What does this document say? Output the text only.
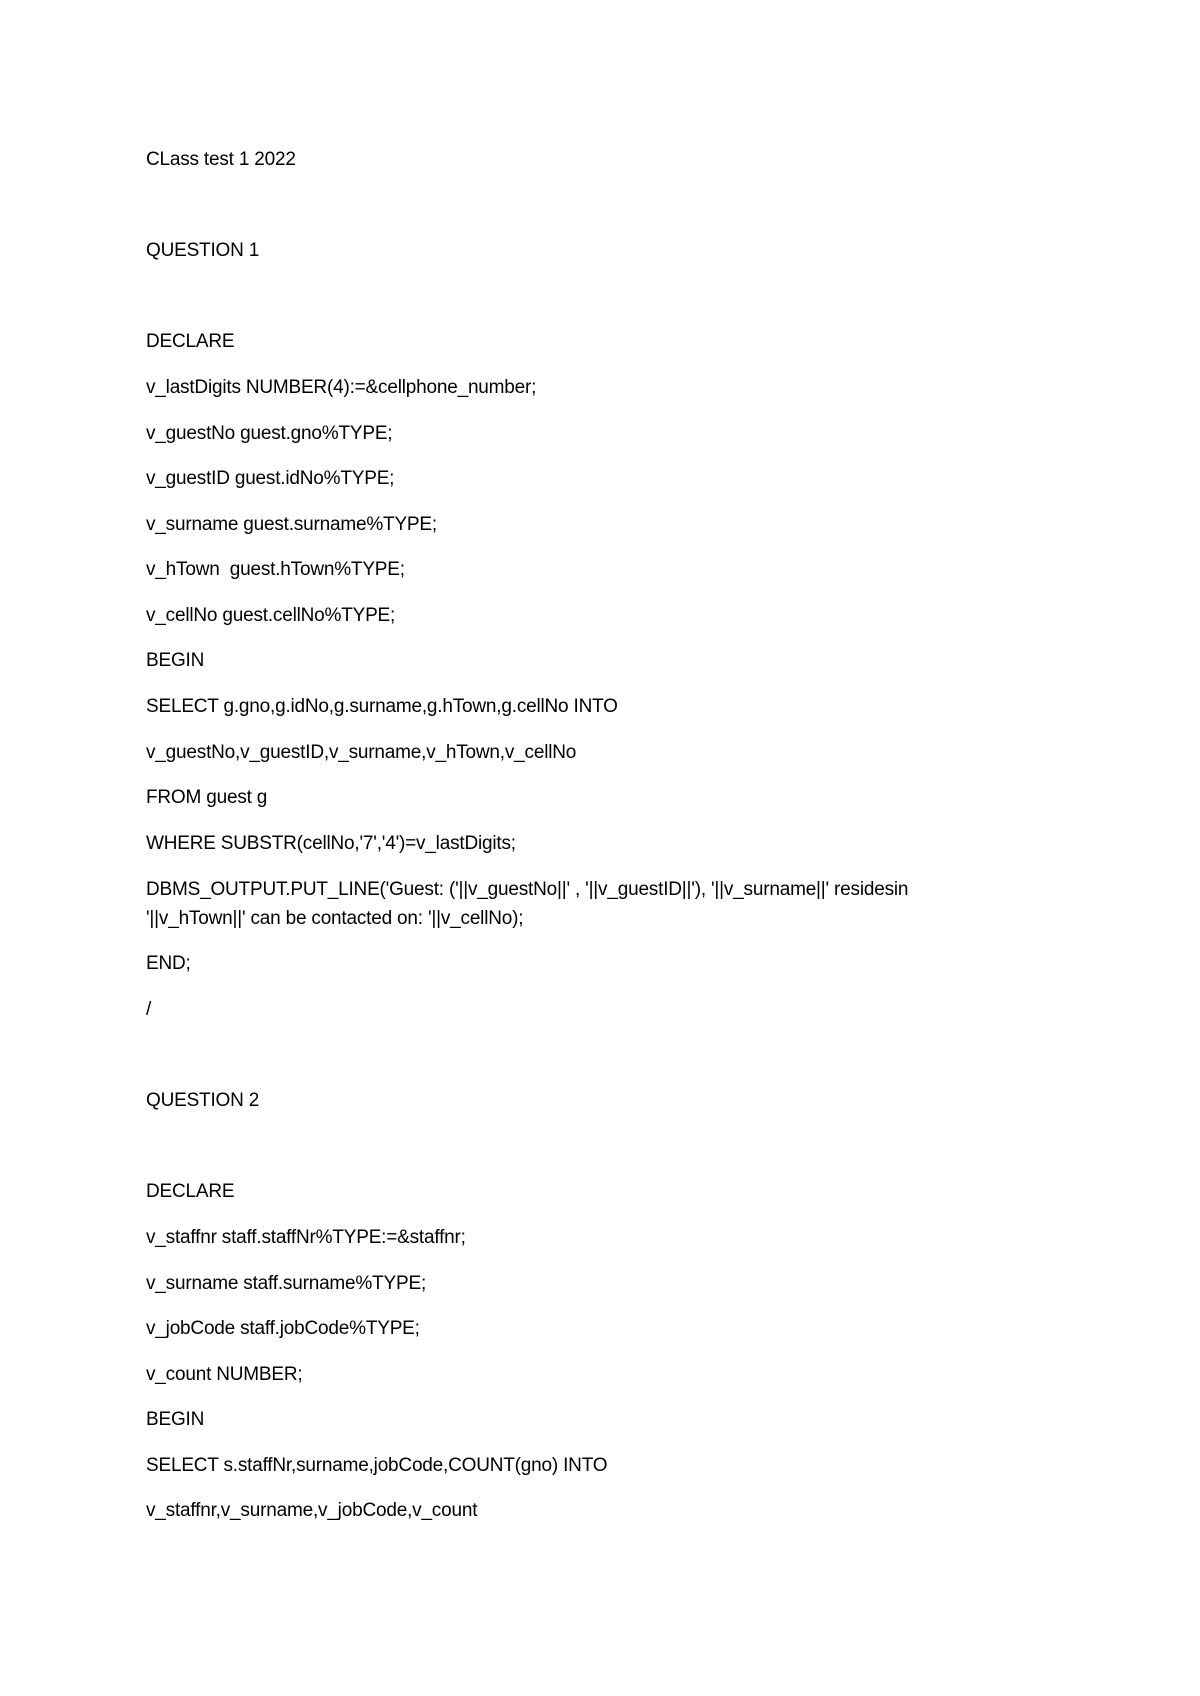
CLass test 1 2022
QUESTION 1
DECLARE
v_lastDigits NUMBER(4):=&cellphone_number;
v_guestNo guest.gno%TYPE;
v_guestID guest.idNo%TYPE;
v_surname guest.surname%TYPE;
v_hTown  guest.hTown%TYPE;
v_cellNo guest.cellNo%TYPE;
BEGIN
SELECT g.gno,g.idNo,g.surname,g.hTown,g.cellNo INTO
v_guestNo,v_guestID,v_surname,v_hTown,v_cellNo
FROM guest g
WHERE SUBSTR(cellNo,'7','4')=v_lastDigits;
DBMS_OUTPUT.PUT_LINE('Guest: ('||v_guestNo||' , '||v_guestID||'), '||v_surname||' residesin
'||v_hTown||' can be contacted on: '||v_cellNo);
END;
/
QUESTION 2
DECLARE
v_staffnr staff.staffNr%TYPE:=&staffnr;
v_surname staff.surname%TYPE;
v_jobCode staff.jobCode%TYPE;
v_count NUMBER;
BEGIN
SELECT s.staffNr,surname,jobCode,COUNT(gno) INTO
v_staffnr,v_surname,v_jobCode,v_count
